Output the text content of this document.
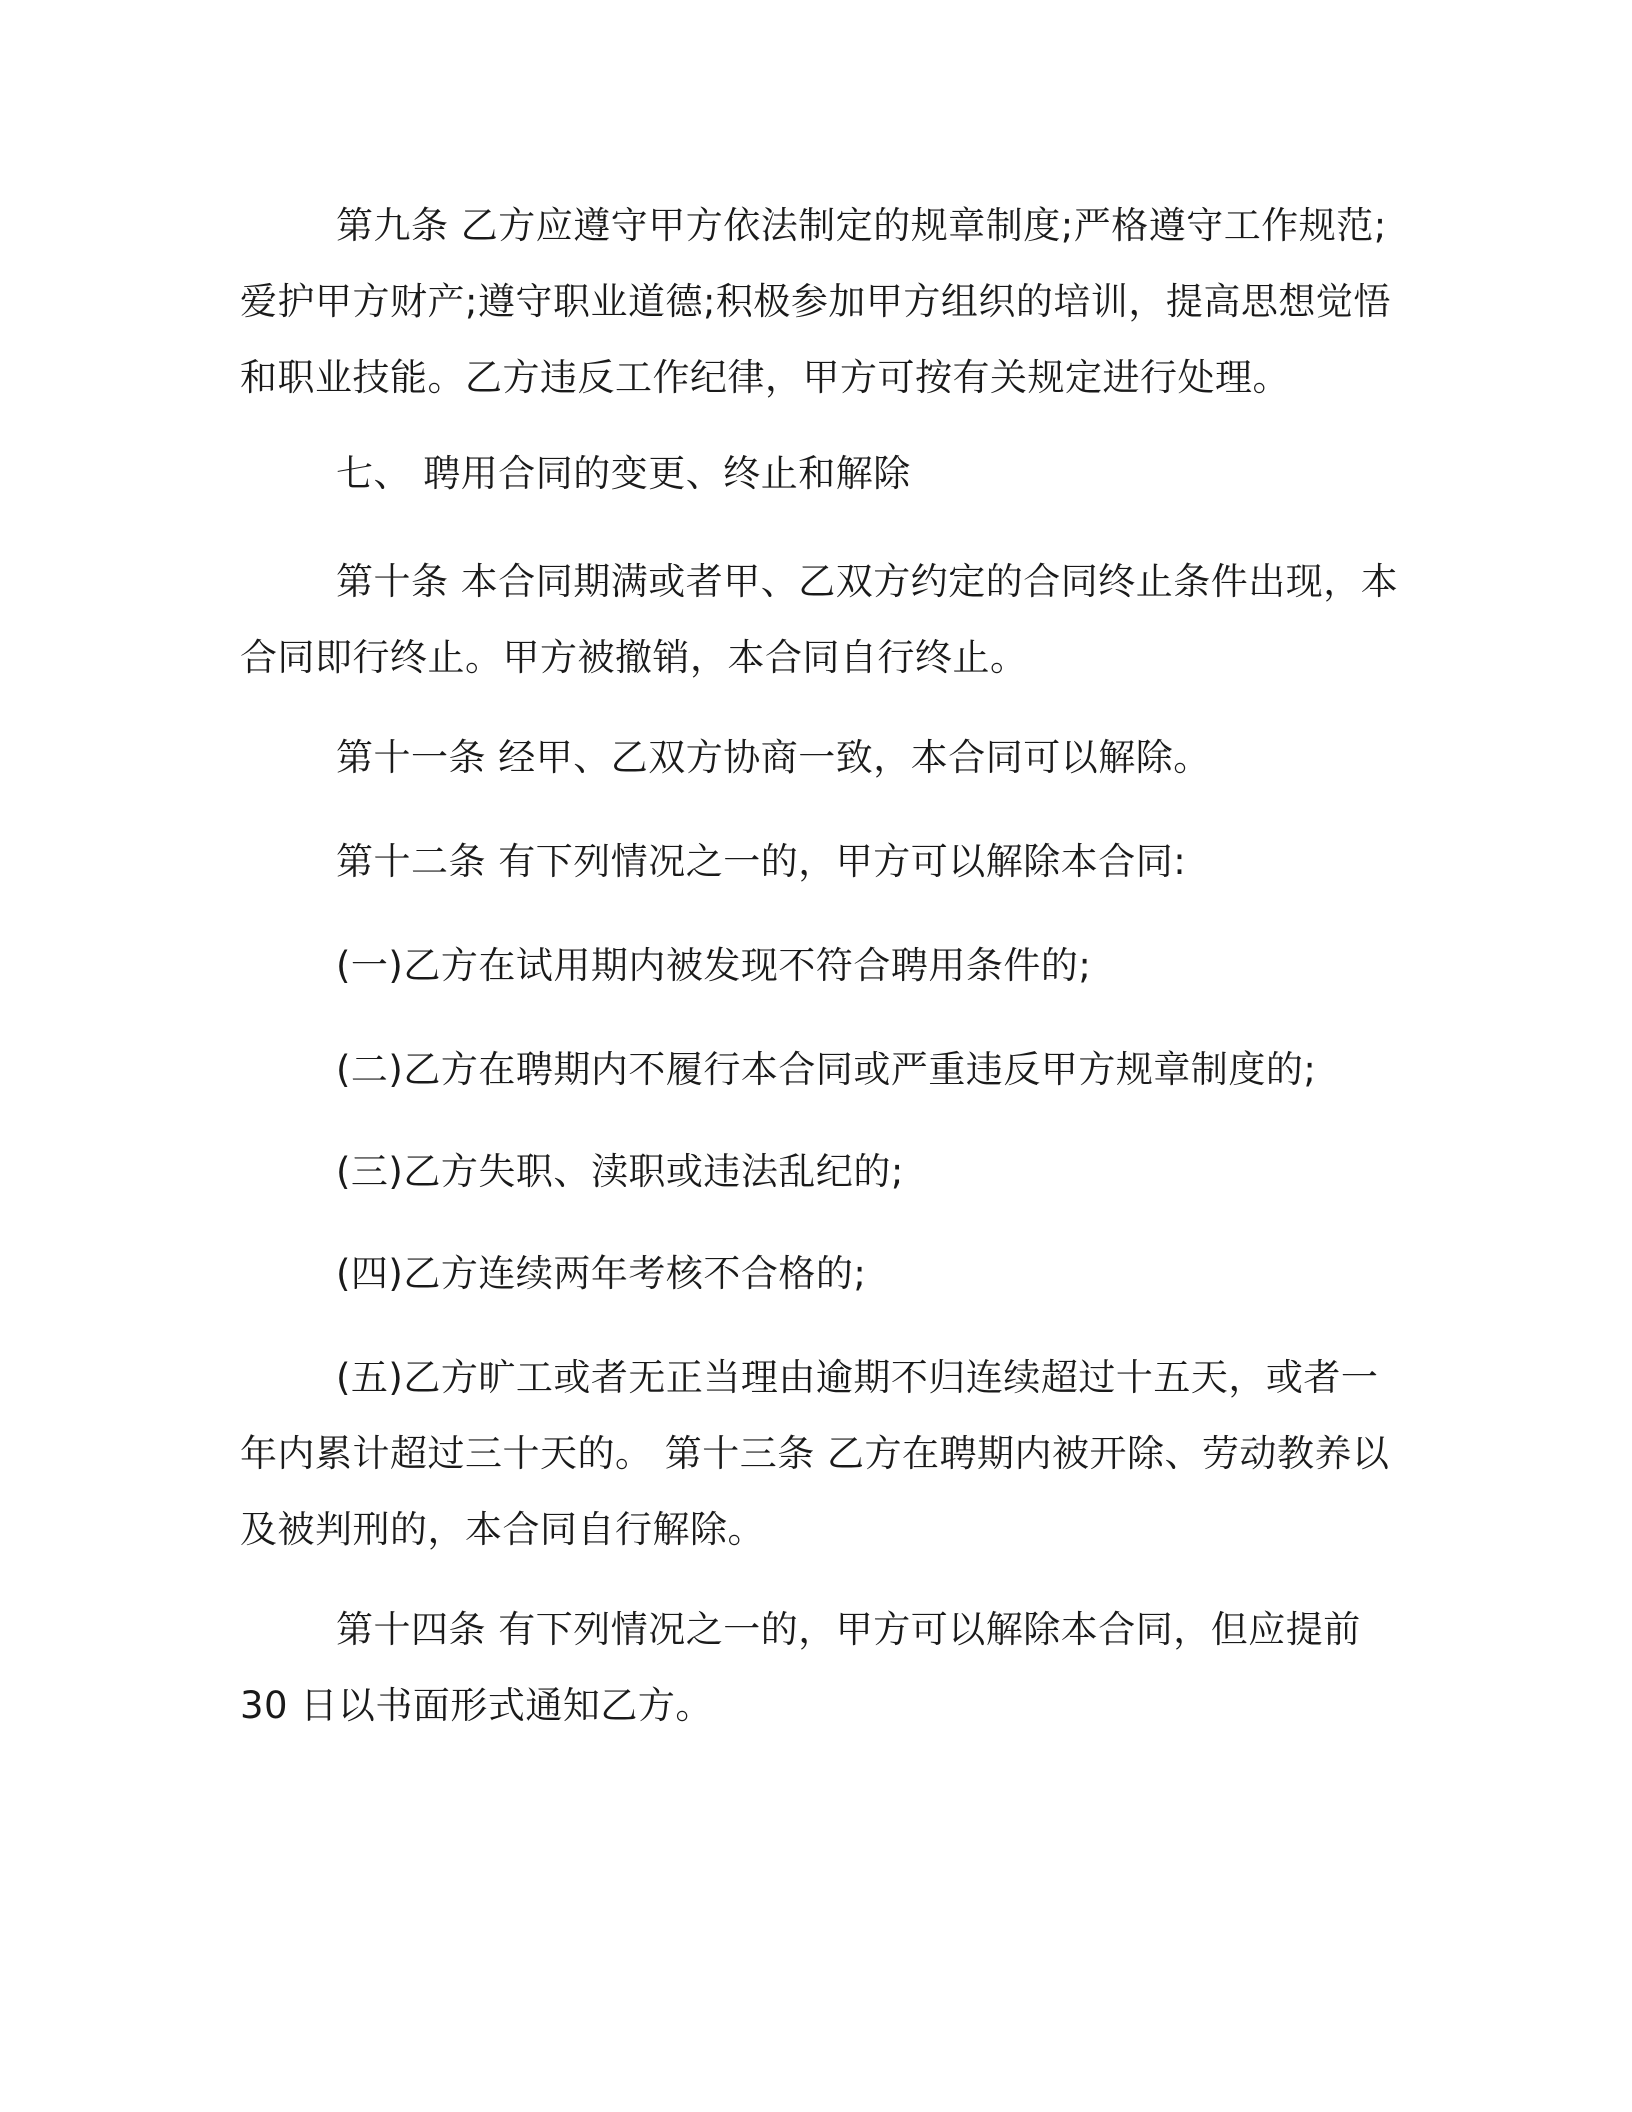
第九条 乙方应遵守甲方依法制定的规章制度;严格遵守工作规范;
爱护甲方财产;遵守职业道德;积极参加甲方组织的培训，提高思想觉悟
和职业技能。乙方违反工作纪律，甲方可按有关规定进行处理。

七、 聘用合同的变更、终止和解除

第十条 本合同期满或者甲、乙双方约定的合同终止条件出现，本
合同即行终止。甲方被撤销，本合同自行终止。

第十一条 经甲、乙双方协商一致，本合同可以解除。

第十二条 有下列情况之一的，甲方可以解除本合同:

(一)乙方在试用期内被发现不符合聘用条件的;

(二)乙方在聘期内不履行本合同或严重违反甲方规章制度的;

(三)乙方失职、渎职或违法乱纪的;

(四)乙方连续两年考核不合格的;

(五)乙方旷工或者无正当理由逾期不归连续超过十五天，或者一
年内累计超过三十天的。 第十三条 乙方在聘期内被开除、劳动教养以
及被判刑的，本合同自行解除。

第十四条 有下列情况之一的，甲方可以解除本合同，但应提前
30 日以书面形式通知乙方。
